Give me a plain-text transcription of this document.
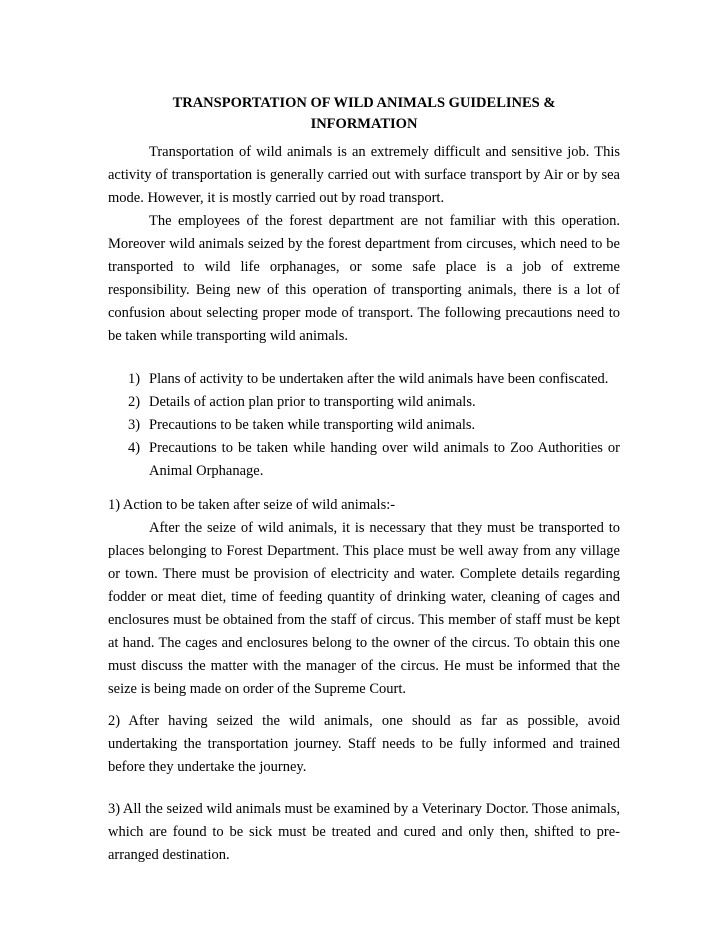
TRANSPORTATION OF WILD ANIMALS GUIDELINES &
INFORMATION

Transportation of wild animals is an extremely difficult and sensitive job. This activity of transportation is generally carried out with surface transport by Air or by sea mode. However, it is mostly carried out by road transport.

The employees of the forest department are not familiar with this operation. Moreover wild animals seized by the forest department from circuses, which need to be transported to wild life orphanages, or some safe place is a job of extreme responsibility. Being new of this operation of transporting animals, there is a lot of confusion about selecting proper mode of transport. The following precautions need to be taken while transporting wild animals.

1) Plans of activity to be undertaken after the wild animals have been confiscated.
2) Details of action plan prior to transporting wild animals.
3) Precautions to be taken while transporting wild animals.
4) Precautions to be taken while handing over wild animals to Zoo Authorities or Animal Orphanage.
1) Action to be taken after seize of wild animals:-

After the seize of wild animals, it is necessary that they must be transported to places belonging to Forest Department. This place must be well away from any village or town. There must be provision of electricity and water. Complete details regarding fodder or meat diet, time of feeding quantity of drinking water, cleaning of cages and enclosures must be obtained from the staff of circus. This member of staff must be kept at hand. The cages and enclosures belong to the owner of the circus. To obtain this one must discuss the matter with the manager of the circus. He must be informed that the seize is being made on order of the Supreme Court.

2) After having seized the wild animals, one should as far as possible, avoid undertaking the transportation journey. Staff needs to be fully informed and trained before they undertake the journey.

3) All the seized wild animals must be examined by a Veterinary Doctor. Those animals, which are found to be sick must be treated and cured and only then, shifted to pre-arranged destination.
